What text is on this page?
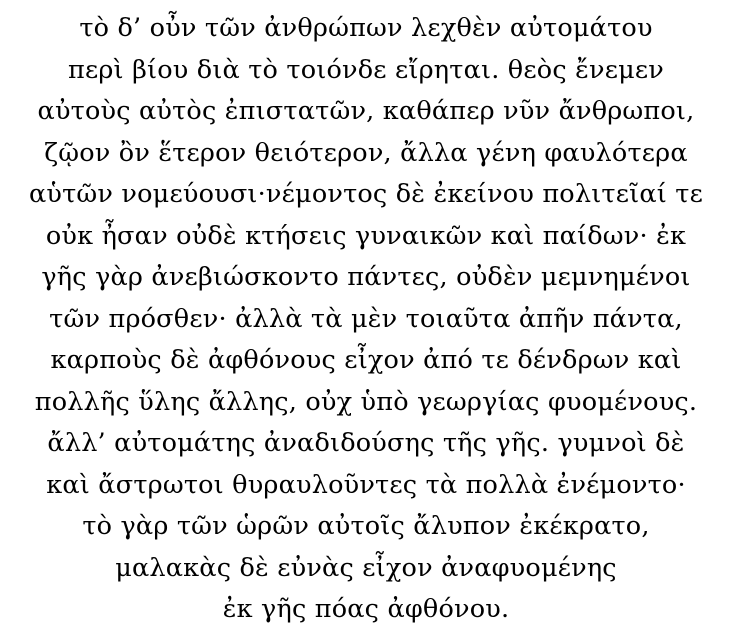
τὸ δ’ οὖν τῶν ἀνθρώπων λεχθὲν αὐτομάτου
περὶ βίου διὰ τὸ τοιόνδε εἴρηται. θεὸς ἔνεμεν
αὐτοὺς αὐτὸς ἐπιστατῶν, καθάπερ νῦν ἄνθρωποι,
ζῷον ὂν ἕτερον θειότερον, ἄλλα γένη φαυλότερα
αὑτῶν νομεύουσι·νέμοντος δὲ ἐκείνου πολιτεῖαί τε
οὐκ ἦσαν οὐδὲ κτήσεις γυναικῶν καὶ παίδων· ἐκ
γῆς γὰρ ἀνεβιώσκοντο πάντες, οὐδὲν μεμνημένοι
τῶν πρόσθεν· ἀλλὰ τὰ μὲν τοιαῦτα ἀπῆν πάντα,
καρποὺς δὲ ἀφθόνους εἶχον ἀπό τε δένδρων καὶ
πολλῆς ὕλης ἄλλης, οὐχ ὑπὸ γεωργίας φυομένους.
ἄλλ’ αὐτομάτης ἀναδιδούσης τῆς γῆς. γυμνοὶ δὲ
καὶ ἄστρωτοι θυραυλοῦντες τὰ πολλὰ ἐνέμοντο·
τὸ γὰρ τῶν ὡρῶν αὐτοῖς ἄλυπον ἐκέκρατο,
μαλακὰς δὲ εὐνὰς εἶχον ἀναφυομένης
ἐκ γῆς πόας ἀφθόνου.
